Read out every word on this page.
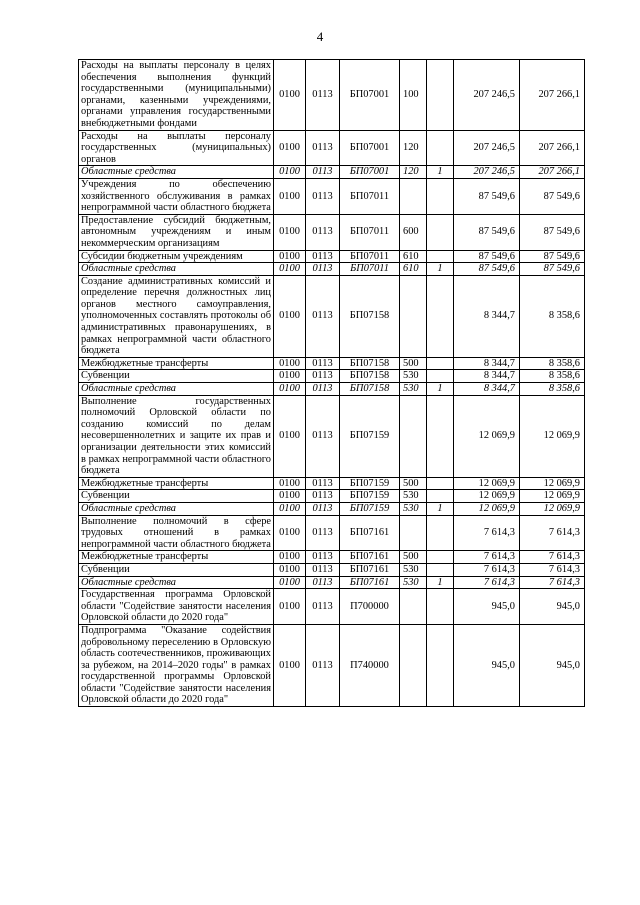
4
Расходы на выплаты персоналу в целях обеспечения выполнения функций государственными (муниципальными) органами, казенными учреждениями, органами управления государственными внебюджетными фондами	0100	0113	БП07001	100		207 246,5	207 266,1
Расходы на выплаты персоналу государственных (муниципальных) органов	0100	0113	БП07001	120		207 246,5	207 266,1
Областные средства	0100	0113	БП07001	120	1	207 246,5	207 266,1
Учреждения по обеспечению хозяйственного обслуживания в рамках непрограммной части областного бюджета	0100	0113	БП07011			87 549,6	87 549,6
Предоставление субсидий бюджетным, автономным учреждениям и иным некоммерческим организациям	0100	0113	БП07011	600		87 549,6	87 549,6
Субсидии бюджетным учреждениям	0100	0113	БП07011	610		87 549,6	87 549,6
Областные средства	0100	0113	БП07011	610	1	87 549,6	87 549,6
Создание административных комиссий и определение перечня должностных лиц органов местного самоуправления, уполномоченных составлять протоколы об административных правонарушениях, в рамках непрограммной части областного бюджета	0100	0113	БП07158			8 344,7	8 358,6
Межбюджетные трансферты	0100	0113	БП07158	500		8 344,7	8 358,6
Субвенции	0100	0113	БП07158	530		8 344,7	8 358,6
Областные средства	0100	0113	БП07158	530	1	8 344,7	8 358,6
Выполнение государственных полномочий Орловской области по созданию комиссий по делам несовершеннолетних и защите их прав и организации деятельности этих комиссий в рамках непрограммной части областного бюджета	0100	0113	БП07159			12 069,9	12 069,9
Межбюджетные трансферты	0100	0113	БП07159	500		12 069,9	12 069,9
Субвенции	0100	0113	БП07159	530		12 069,9	12 069,9
Областные средства	0100	0113	БП07159	530	1	12 069,9	12 069,9
Выполнение полномочий в сфере трудовых отношений в рамках непрограммной части областного бюджета	0100	0113	БП07161			7 614,3	7 614,3
Межбюджетные трансферты	0100	0113	БП07161	500		7 614,3	7 614,3
Субвенции	0100	0113	БП07161	530		7 614,3	7 614,3
Областные средства	0100	0113	БП07161	530	1	7 614,3	7 614,3
Государственная программа Орловской области "Содействие занятости населения Орловской области до 2020 года"	0100	0113	П700000			945,0	945,0
Подпрограмма "Оказание содействия добровольному переселению в Орловскую область соотечественников, проживающих за рубежом, на 2014–2020 годы" в рамках государственной программы Орловской области "Содействие занятости населения Орловской области до 2020 года"	0100	0113	П740000			945,0	945,0
